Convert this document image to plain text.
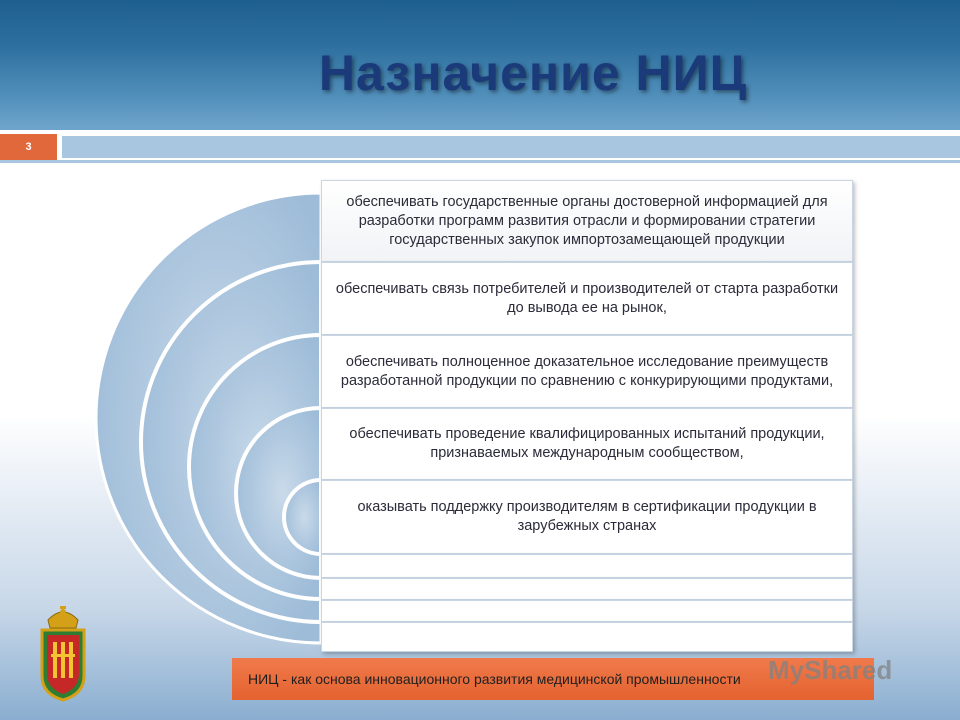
Назначение НИЦ
3
обеспечивать государственные органы достоверной информацией для разработки программ развития отрасли и формировании стратегии государственных закупок импортозамещающей продукции
обеспечивать связь потребителей и производителей от старта разработки до вывода ее на рынок,
обеспечивать полноценное доказательное исследование преимуществ разработанной продукции по сравнению с конкурирующими продуктами,
обеспечивать проведение квалифицированных испытаний продукции, признаваемых международным сообществом,
оказывать поддержку производителям в сертификации продукции в зарубежных странах
НИЦ - как основа инновационного развития медицинской промышленности	MyShared
